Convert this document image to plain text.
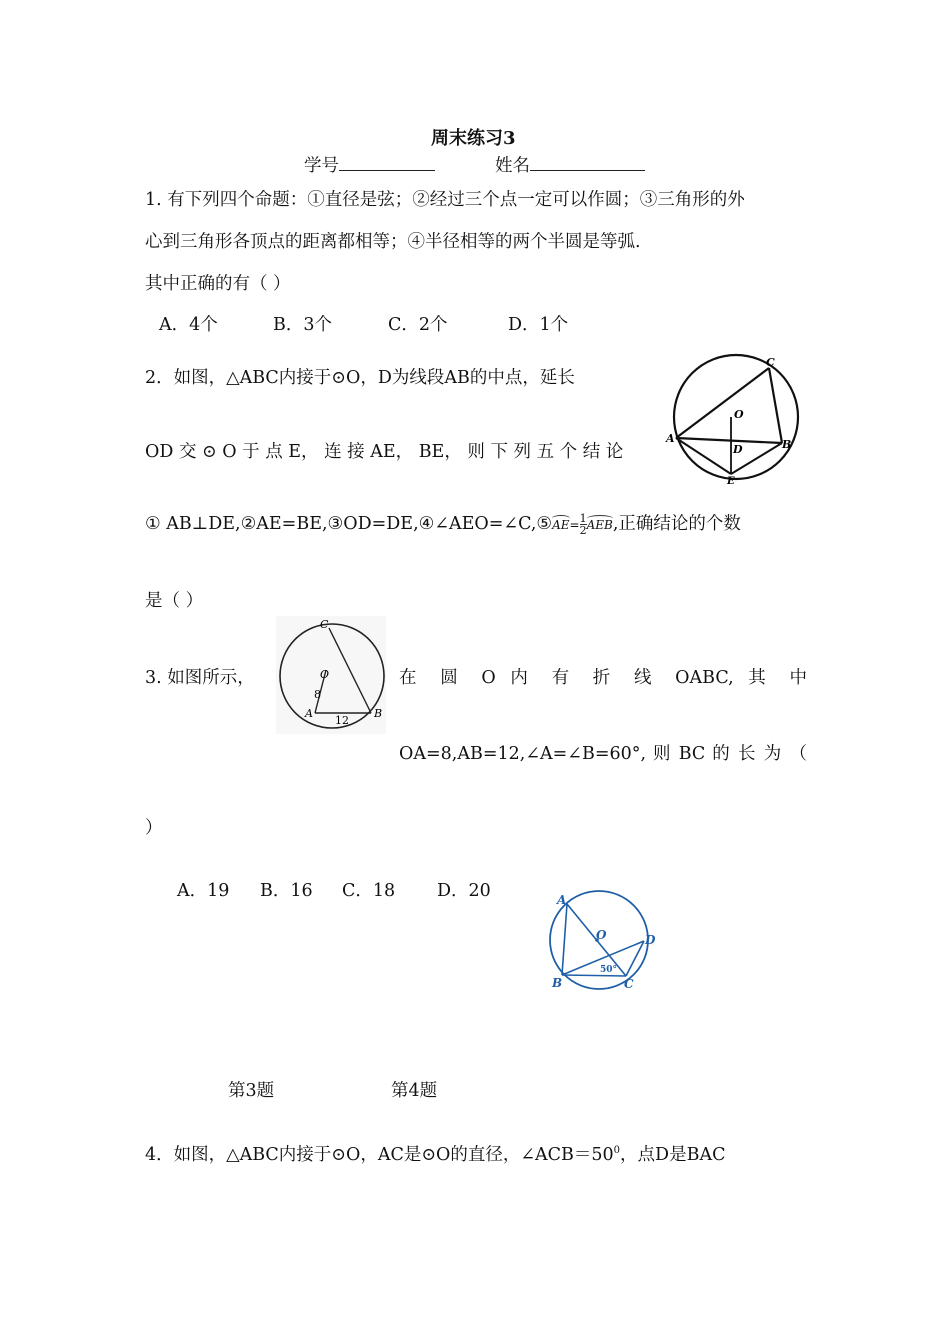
周末练习3
学号	姓名
1. 有下列四个命题：①直径是弦；②经过三个点一定可以作圆；③三角形的外
心到三角形各顶点的距离都相等；④半径相等的两个半圆是等弧.
其中正确的有（ ）
A．4个	B．3个	C．2个	D．1个
2．如图，△ABC内接于⊙O，D为线段AB的中点，延长
OD 交 ⊙ O 于 点 E， 连 接 AE， BE， 则 下 列 五 个 结 论
① AB⊥DE,②AE=BE,③OD=DE,④∠AEO=∠C,⑤AE= $\frac{1}{2}$ AEB,正确结论的个数
是（ ）
A	B
C
D
E
O
3. 如图所示，	在 圆 O 内 有 折 线 OABC, 其 中
OA=8,AB=12,∠A=∠B=60°, 则 BC 的 长 为 （
）
A．19 B．16 C．18 D．20
C
O
8
A	B
12
A
O	D
B	C
50°
第3题	第4题
4．如图，△ABC内接于⊙O，AC是⊙O的直径，$\angle ACB=50^0$，点D是BAC
